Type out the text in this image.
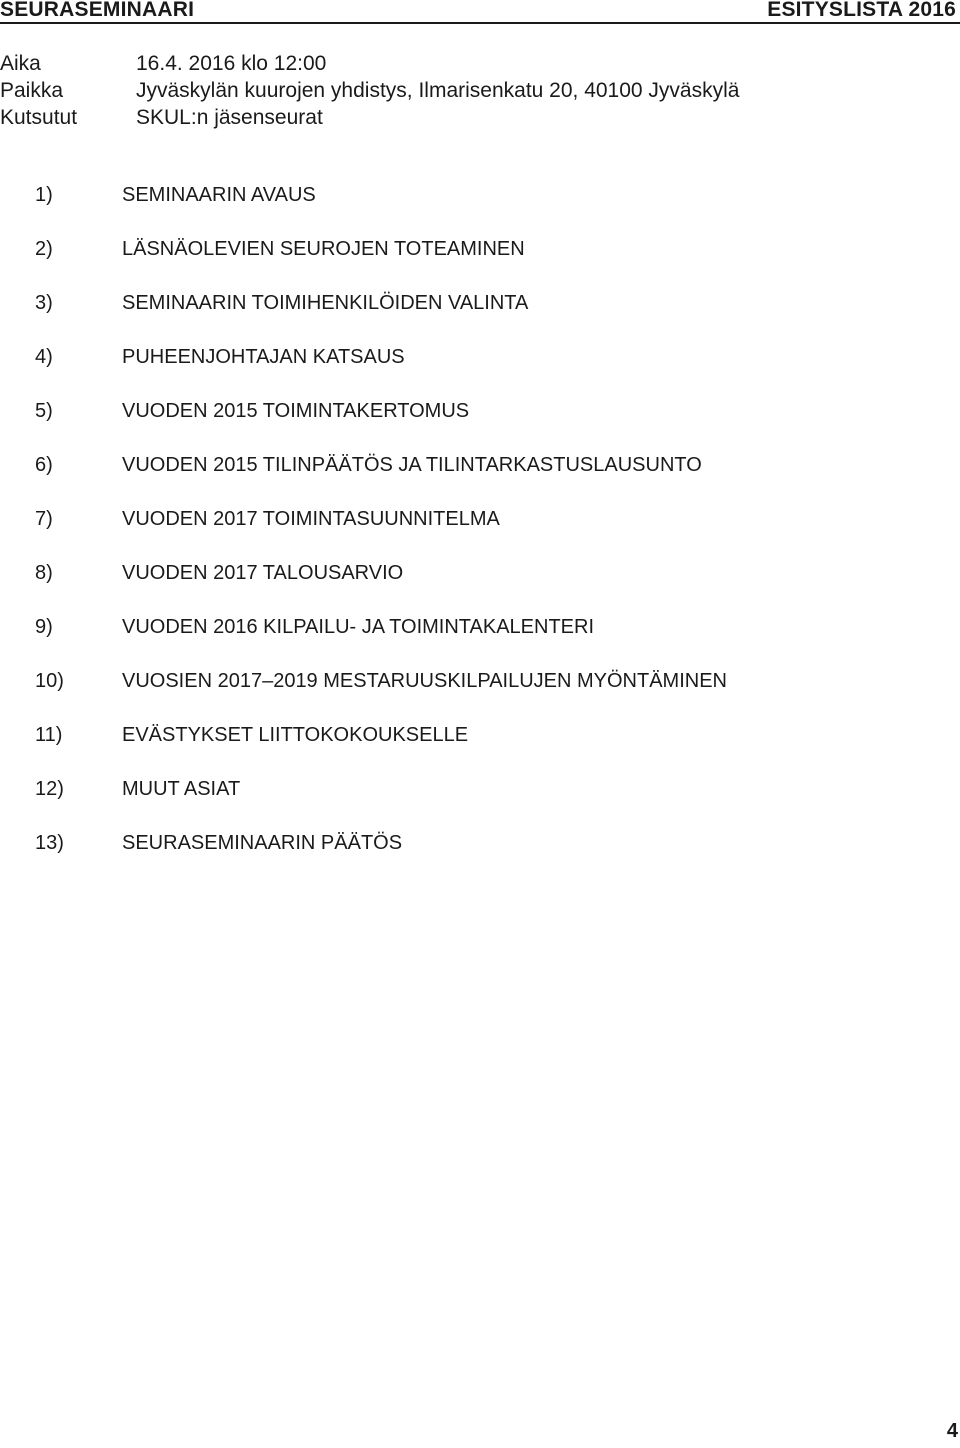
SEURASEMINAARI	ESITYSLISTA 2016
Aika	16.4. 2016 klo 12:00
Paikka	Jyväskylän kuurojen yhdistys, Ilmarisenkatu 20, 40100 Jyväskylä
Kutsutut	SKUL:n jäsenseurat
1)	SEMINAARIN AVAUS
2)	LÄSNÄOLEVIEN SEUROJEN TOTEAMINEN
3)	SEMINAARIN TOIMIHENKILÖIDEN VALINTA
4)	PUHEENJOHTAJAN KATSAUS
5)	VUODEN 2015 TOIMINTAKERTOMUS
6)	VUODEN 2015 TILINPÄÄTÖS JA TILINTARKASTUSLAUSUNTO
7)	VUODEN 2017 TOIMINTASUUNNITELMA
8)	VUODEN 2017 TALOUSARVIO
9)	VUODEN 2016 KILPAILU- JA TOIMINTAKALENTERI
10)	VUOSIEN 2017–2019 MESTARUUSKILPAILUJEN MYÖNTÄMINEN
11)	EVÄSTYKSET LIITTOKOKOUKSELLE
12)	MUUT ASIAT
13)	SEURASEMINAARIN PÄÄTÖS
4
